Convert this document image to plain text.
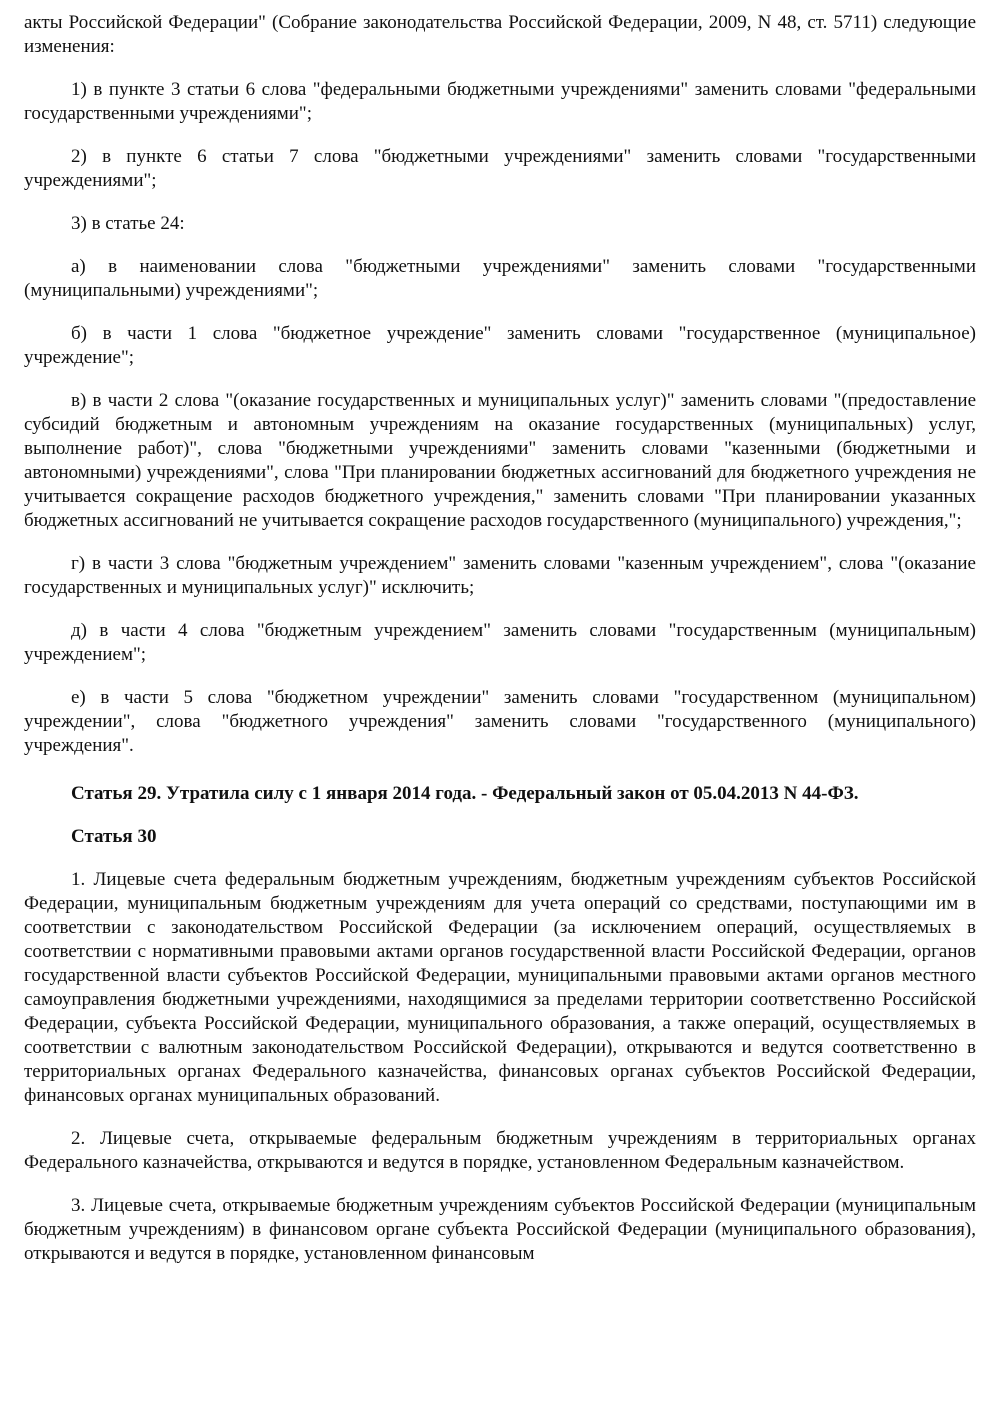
акты Российской Федерации" (Собрание законодательства Российской Федерации, 2009, N 48, ст. 5711) следующие изменения:

1) в пункте 3 статьи 6 слова "федеральными бюджетными учреждениями" заменить словами "федеральными государственными учреждениями";

2) в пункте 6 статьи 7 слова "бюджетными учреждениями" заменить словами "государственными учреждениями";

3) в статье 24:

а) в наименовании слова "бюджетными учреждениями" заменить словами "государственными (муниципальными) учреждениями";

б) в части 1 слова "бюджетное учреждение" заменить словами "государственное (муниципальное) учреждение";

в) в части 2 слова "(оказание государственных и муниципальных услуг)" заменить словами "(предоставление субсидий бюджетным и автономным учреждениям на оказание государственных (муниципальных) услуг, выполнение работ)", слова "бюджетными учреждениями" заменить словами "казенными (бюджетными и автономными) учреждениями", слова "При планировании бюджетных ассигнований для бюджетного учреждения не учитывается сокращение расходов бюджетного учреждения," заменить словами "При планировании указанных бюджетных ассигнований не учитывается сокращение расходов государственного (муниципального) учреждения,";

г) в части 3 слова "бюджетным учреждением" заменить словами "казенным учреждением", слова "(оказание государственных и муниципальных услуг)" исключить;

д) в части 4 слова "бюджетным учреждением" заменить словами "государственным (муниципальным) учреждением";

е) в части 5 слова "бюджетном учреждении" заменить словами "государственном (муниципальном) учреждении", слова "бюджетного учреждения" заменить словами "государственного (муниципального) учреждения".

Статья 29. Утратила силу с 1 января 2014 года. - Федеральный закон от 05.04.2013 N 44-ФЗ.
Статья 30

1. Лицевые счета федеральным бюджетным учреждениям, бюджетным учреждениям субъектов Российской Федерации, муниципальным бюджетным учреждениям для учета операций со средствами, поступающими им в соответствии с законодательством Российской Федерации (за исключением операций, осуществляемых в соответствии с нормативными правовыми актами органов государственной власти Российской Федерации, органов государственной власти субъектов Российской Федерации, муниципальными правовыми актами органов местного самоуправления бюджетными учреждениями, находящимися за пределами территории соответственно Российской Федерации, субъекта Российской Федерации, муниципального образования, а также операций, осуществляемых в соответствии с валютным законодательством Российской Федерации), открываются и ведутся соответственно в территориальных органах Федерального казначейства, финансовых органах субъектов Российской Федерации, финансовых органах муниципальных образований.

2. Лицевые счета, открываемые федеральным бюджетным учреждениям в территориальных органах Федерального казначейства, открываются и ведутся в порядке, установленном Федеральным казначейством.

3. Лицевые счета, открываемые бюджетным учреждениям субъектов Российской Федерации (муниципальным бюджетным учреждениям) в финансовом органе субъекта Российской Федерации (муниципального образования), открываются и ведутся в порядке, установленном финансовым
